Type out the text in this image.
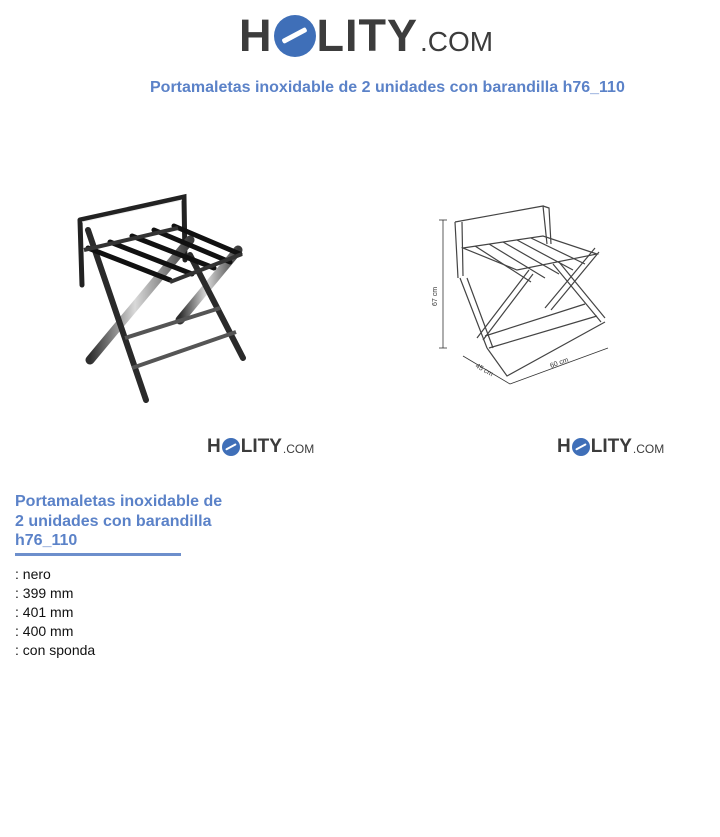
H LITY .COM
Portamaletas inoxidable de 2 unidades con barandilla h76_110
67 cm
45 cm	60 cm
H LITY .COM	H LITY .COM
Portamaletas inoxidable de 2 unidades con barandilla h76_110
: nero
: 399 mm
: 401 mm
: 400 mm
: con sponda
